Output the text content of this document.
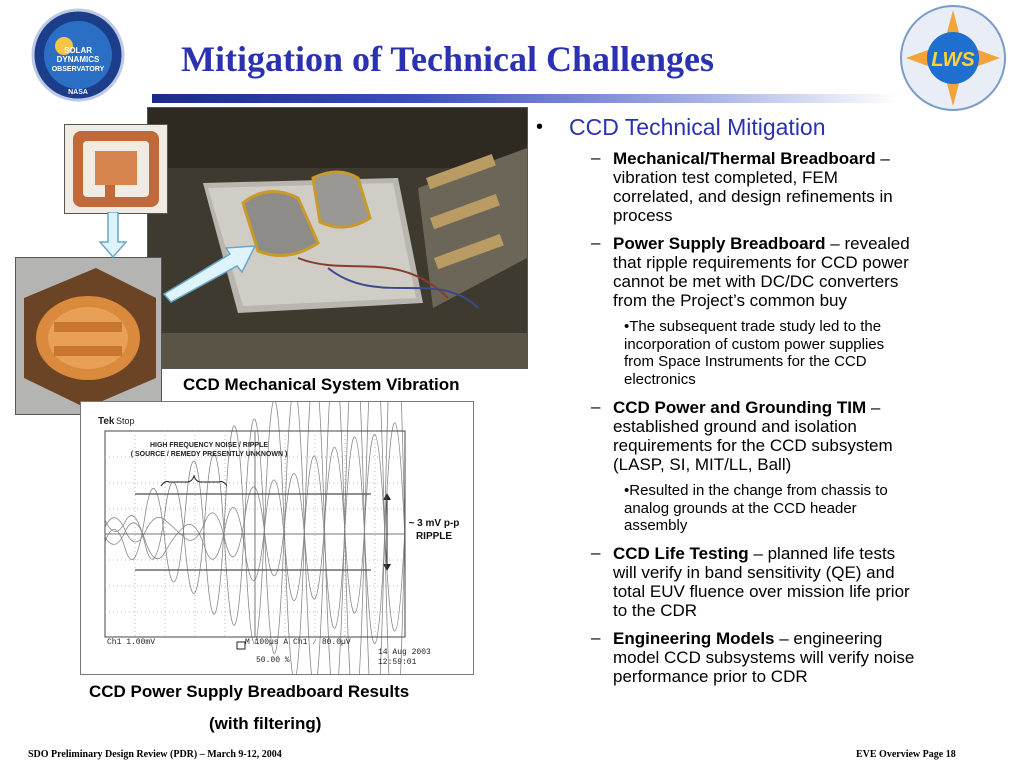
SOLAR
DYNAMICS
OBSERVATORY
NASA
LWS
Mitigation of Technical Challenges
CCD Mechanical System Vibration
Tek Stop
HIGH FREQUENCY NOISE / RIPPLE
( SOURCE / REMEDY PRESENTLY UNKNOWN )
~ 3 mV p-p
RIPPLE
Ch1 1.00mV	M 100µs A Ch1 ∕ 80.0µV
50.00 %
14 Aug 2003
12:59:01
CCD Power Supply Breadboard Results
(with filtering)
• CCD Technical Mitigation
– Mechanical/Thermal Breadboard –
vibration test completed, FEM
correlated, and design refinements in
process
– Power Supply Breadboard – revealed
that ripple requirements for CCD power
cannot be met with DC/DC converters
from the Project’s common buy
•The subsequent trade study led to the
incorporation of custom power supplies
from Space Instruments for the CCD
electronics
– CCD Power and Grounding TIM –
established ground and isolation
requirements for the CCD subsystem
(LASP, SI, MIT/LL, Ball)
•Resulted in the change from chassis to
analog grounds at the CCD header
assembly
– CCD Life Testing – planned life tests
will verify in band sensitivity (QE) and
total EUV fluence over mission life prior
to the CDR
– Engineering Models – engineering
model CCD subsystems will verify noise
performance prior to CDR
SDO Preliminary Design Review (PDR) – March 9-12, 2004	EVE Overview Page 18
